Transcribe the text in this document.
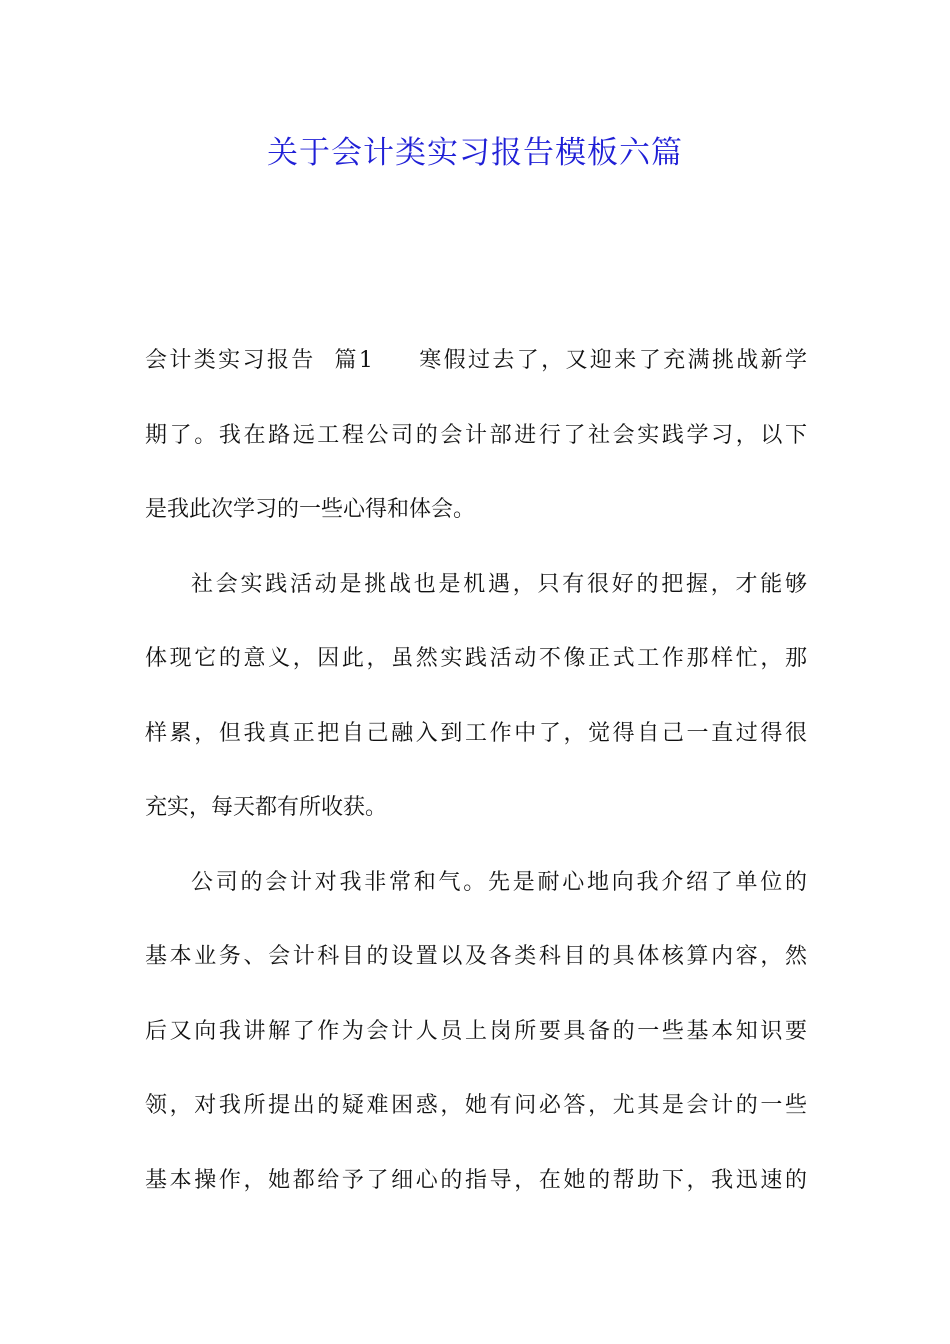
关于会计类实习报告模板六篇
会计类实习报告  篇1 寒假过去了，又迎来了充满挑战新学
期了。我在路远工程公司的会计部进行了社会实践学习，以下
是我此次学习的一些心得和体会。
社会实践活动是挑战也是机遇，只有很好的把握，才能够
体现它的意义，因此，虽然实践活动不像正式工作那样忙，那
样累，但我真正把自己融入到工作中了，觉得自己一直过得很
充实，每天都有所收获。
公司的会计对我非常和气。先是耐心地向我介绍了单位的
基本业务、会计科目的设置以及各类科目的具体核算内容，然
后又向我讲解了作为会计人员上岗所要具备的一些基本知识要
领，对我所提出的疑难困惑，她有问必答，尤其是会计的一些
基本操作，她都给予了细心的指导，在她的帮助下，我迅速的
